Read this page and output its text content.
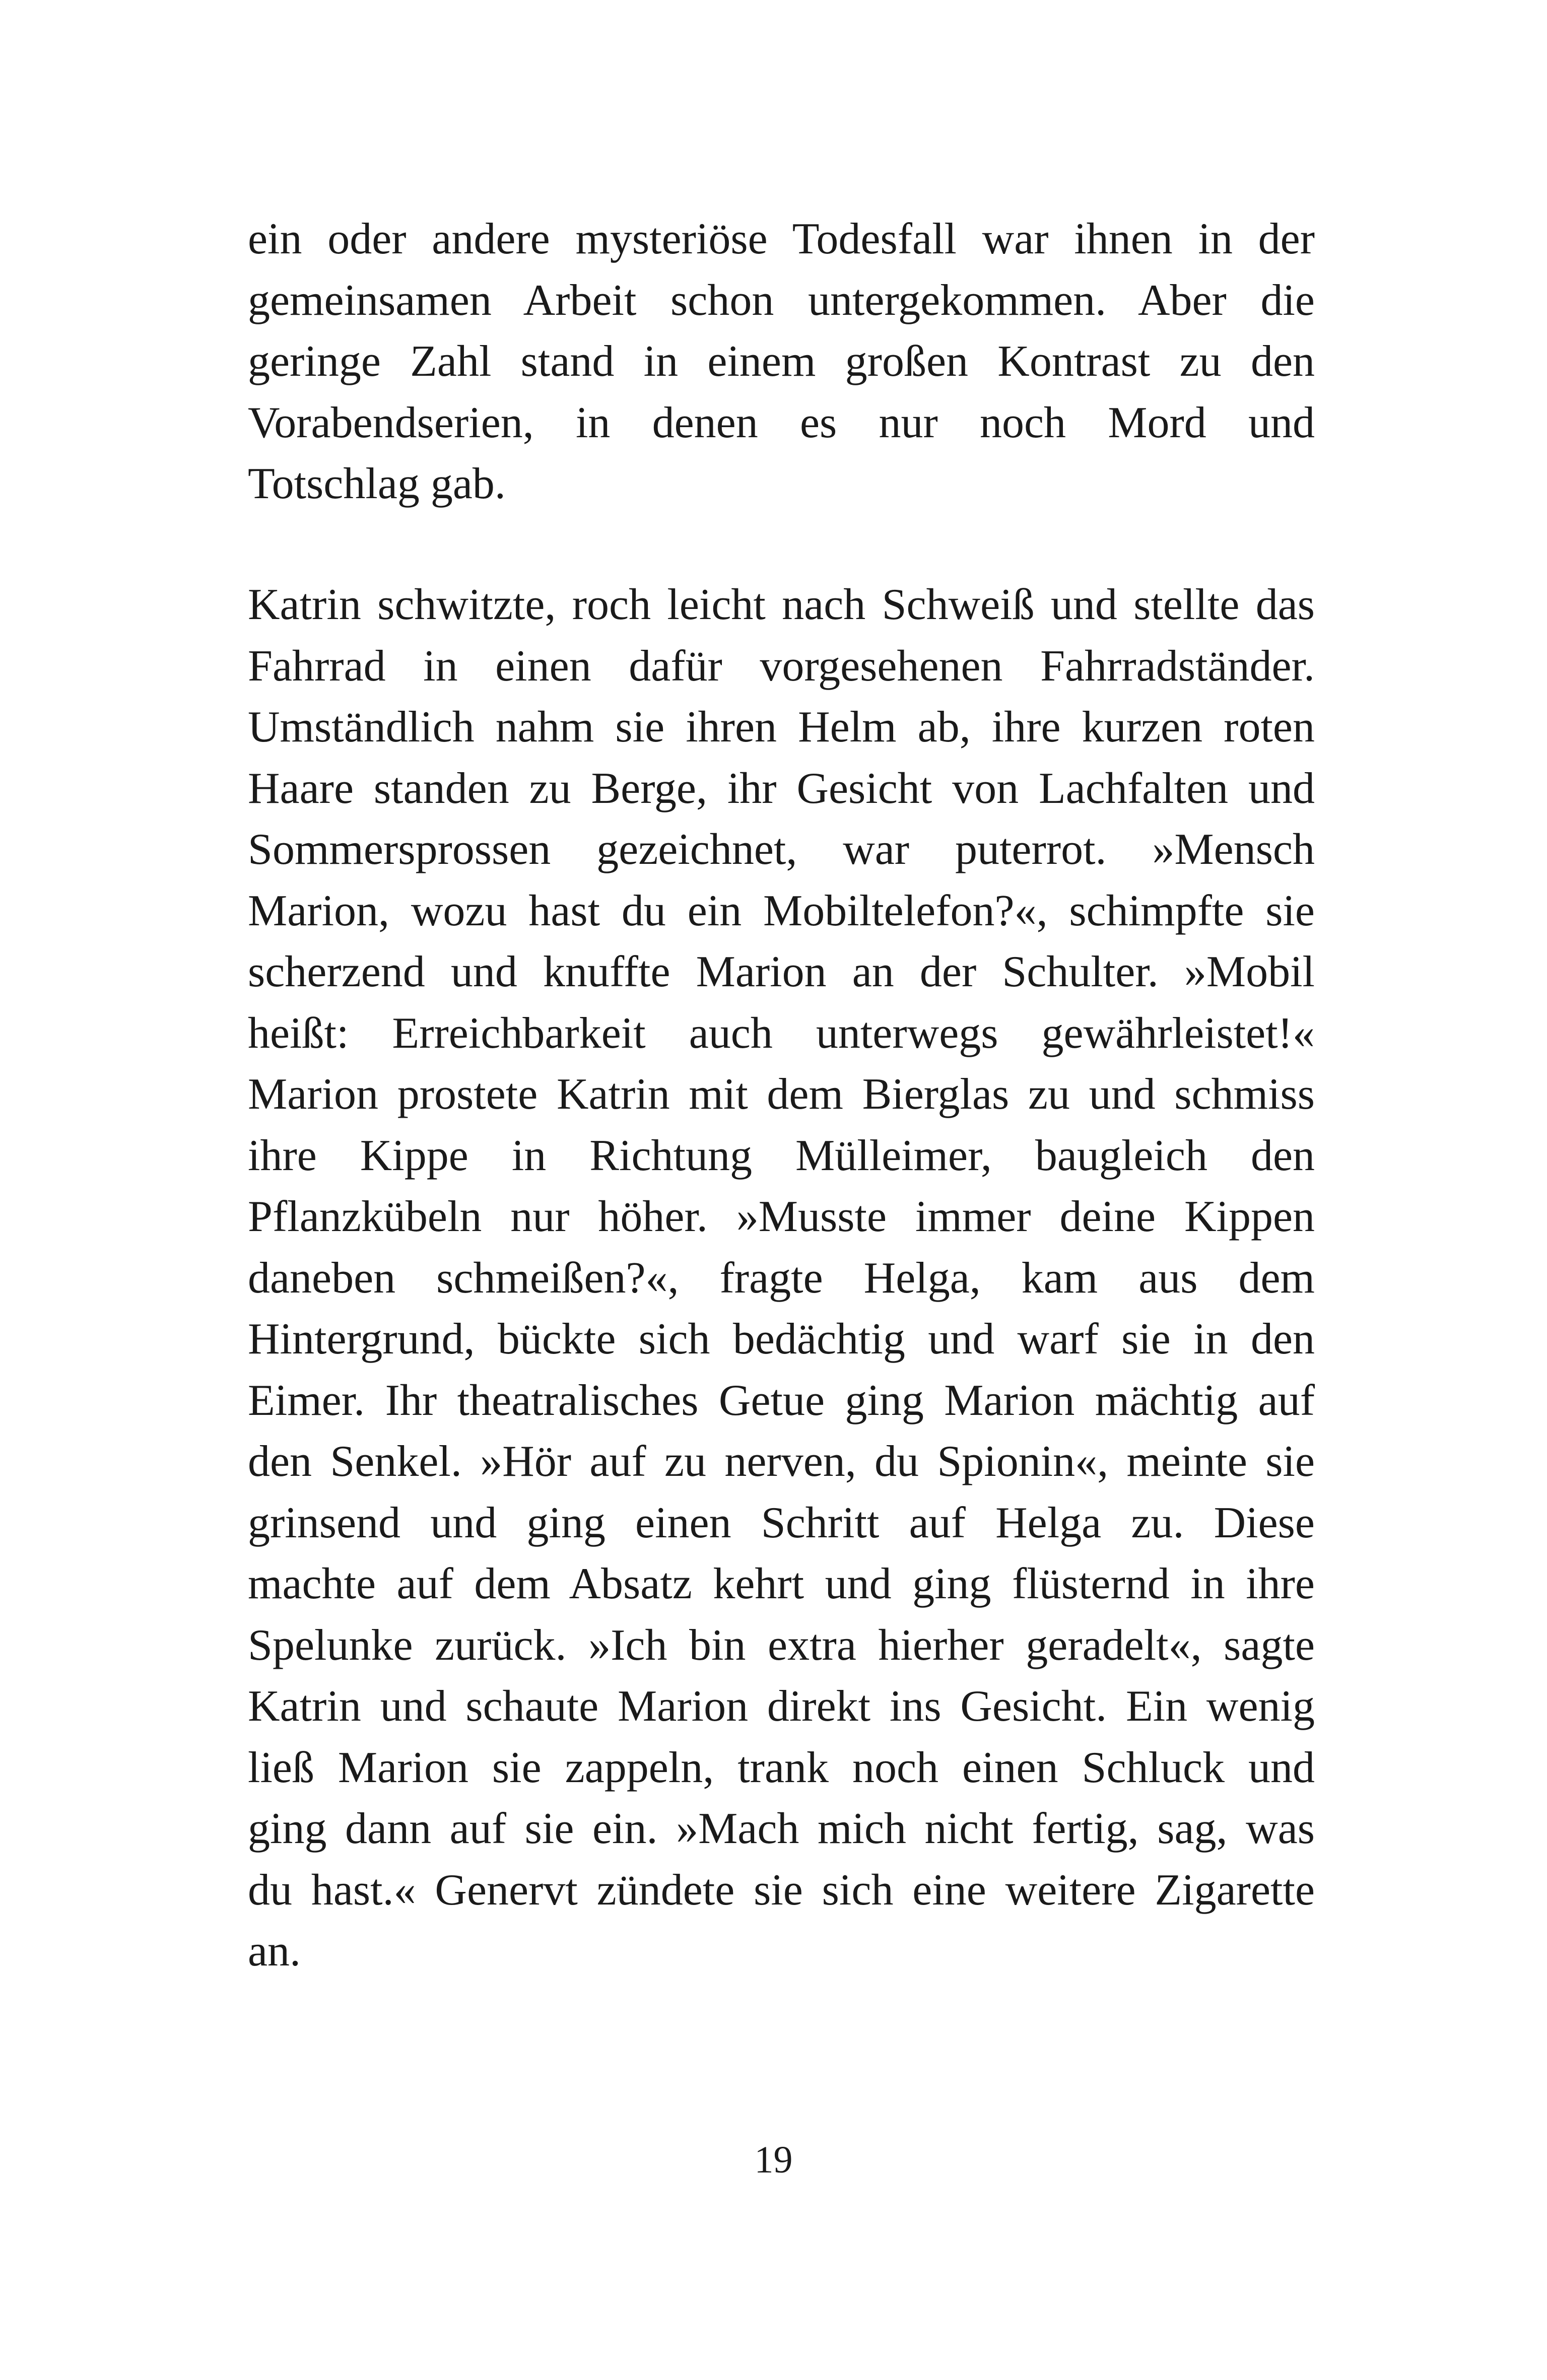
ein oder andere mysteriöse Todesfall war ihnen in der
gemeinsamen Arbeit schon untergekommen. Aber die
geringe Zahl stand in einem großen Kontrast zu den
Vorabendserien, in denen es nur noch Mord und
Totschlag gab.

Katrin schwitzte, roch leicht nach Schweiß und stellte das
Fahrrad in einen dafür vorgesehenen Fahrradständer.
Umständlich nahm sie ihren Helm ab, ihre kurzen roten
Haare standen zu Berge, ihr Gesicht von Lachfalten und
Sommersprossen gezeichnet, war puterrot. »Mensch
Marion, wozu hast du ein Mobiltelefon?«, schimpfte sie
scherzend und knuffte Marion an der Schulter. »Mobil
heißt: Erreichbarkeit auch unterwegs gewährleistet!«
Marion prostete Katrin mit dem Bierglas zu und schmiss
ihre Kippe in Richtung Mülleimer, baugleich den
Pflanzkübeln nur höher. »Musste immer deine Kippen
daneben schmeißen?«, fragte Helga, kam aus dem
Hintergrund, bückte sich bedächtig und warf sie in den
Eimer. Ihr theatralisches Getue ging Marion mächtig auf
den Senkel. »Hör auf zu nerven, du Spionin«, meinte sie
grinsend und ging einen Schritt auf Helga zu. Diese
machte auf dem Absatz kehrt und ging flüsternd in ihre
Spelunke zurück. »Ich bin extra hierher geradelt«, sagte
Katrin und schaute Marion direkt ins Gesicht. Ein wenig
ließ Marion sie zappeln, trank noch einen Schluck und
ging dann auf sie ein. »Mach mich nicht fertig, sag, was
du hast.« Genervt zündete sie sich eine weitere Zigarette
an.

19
